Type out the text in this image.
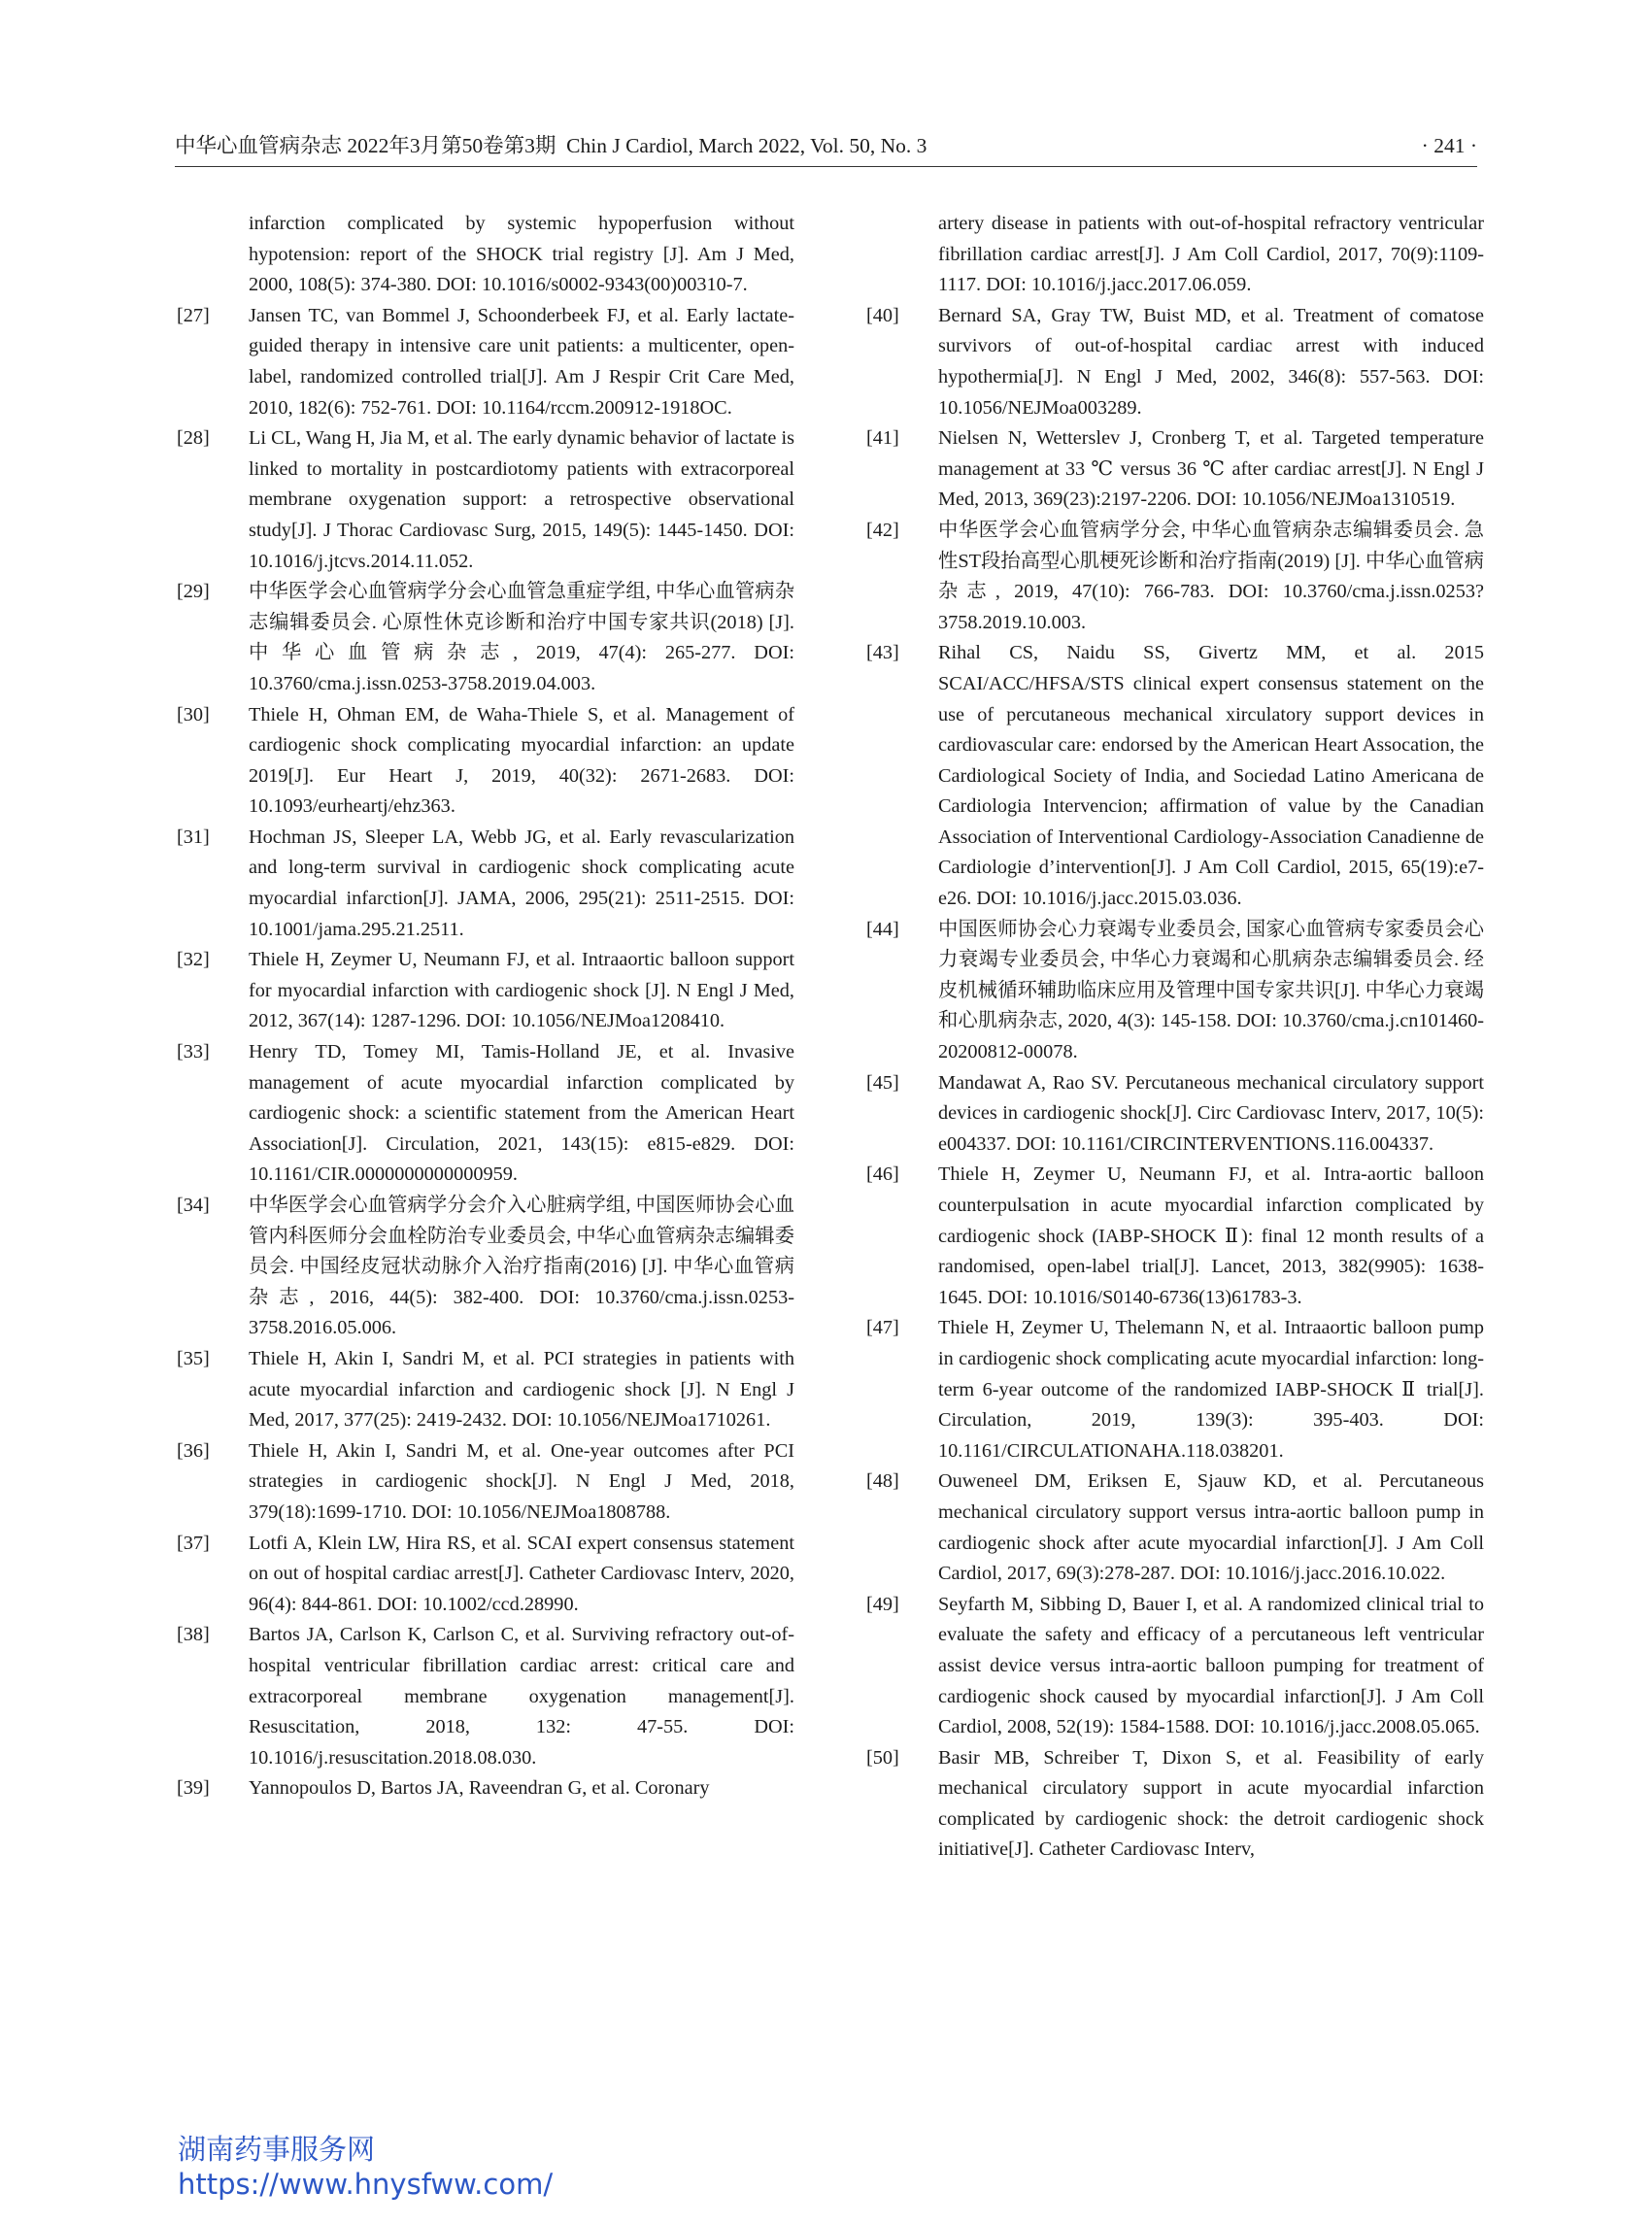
中华心血管病杂志 2022年3月第50卷第3期 Chin J Cardiol, March 2022, Vol. 50, No. 3	· 241 ·
infarction complicated by systemic hypoperfusion without hypotension: report of the SHOCK trial registry [J]. Am J Med, 2000, 108(5): 374-380. DOI: 10.1016/s0002-9343(00)00310-7.
[27]	Jansen TC, van Bommel J, Schoonderbeek FJ, et al. Early lactate-guided therapy in intensive care unit patients: a multicenter, open-label, randomized controlled trial[J]. Am J Respir Crit Care Med, 2010, 182(6): 752-761. DOI: 10.1164/rccm.200912-1918OC.
[28]	Li CL, Wang H, Jia M, et al. The early dynamic behavior of lactate is linked to mortality in postcardiotomy patients with extracorporeal membrane oxygenation support: a retrospective observational study[J]. J Thorac Cardiovasc Surg, 2015, 149(5): 1445-1450. DOI: 10.1016/j.jtcvs.2014.11.052.
[29]	中华医学会心血管病学分会心血管急重症学组, 中华心血管病杂志编辑委员会. 心原性休克诊断和治疗中国专家共识(2018) [J]. 中华心血管病杂志, 2019, 47(4): 265-277. DOI: 10.3760/cma.j.issn.0253-3758.2019.04.003.
[30]	Thiele H, Ohman EM, de Waha-Thiele S, et al. Management of cardiogenic shock complicating myocardial infarction: an update 2019[J]. Eur Heart J, 2019, 40(32): 2671-2683. DOI: 10.1093/eurheartj/ehz363.
[31]	Hochman JS, Sleeper LA, Webb JG, et al. Early revascularization and long-term survival in cardiogenic shock complicating acute myocardial infarction[J]. JAMA, 2006, 295(21): 2511-2515. DOI: 10.1001/jama.295.21.2511.
[32]	Thiele H, Zeymer U, Neumann FJ, et al. Intraaortic balloon support for myocardial infarction with cardiogenic shock [J]. N Engl J Med, 2012, 367(14): 1287-1296. DOI: 10.1056/NEJMoa1208410.
[33]	Henry TD, Tomey MI, Tamis-Holland JE, et al. Invasive management of acute myocardial infarction complicated by cardiogenic shock: a scientific statement from the American Heart Association[J]. Circulation, 2021, 143(15): e815-e829. DOI: 10.1161/CIR.0000000000000959.
[34]	中华医学会心血管病学分会介入心脏病学组, 中国医师协会心血管内科医师分会血栓防治专业委员会, 中华心血管病杂志编辑委员会. 中国经皮冠状动脉介入治疗指南(2016) [J]. 中华心血管病杂志, 2016, 44(5): 382-400. DOI: 10.3760/cma.j.issn.0253-3758.2016.05.006.
[35]	Thiele H, Akin I, Sandri M, et al. PCI strategies in patients with acute myocardial infarction and cardiogenic shock [J]. N Engl J Med, 2017, 377(25): 2419-2432. DOI: 10.1056/NEJMoa1710261.
[36]	Thiele H, Akin I, Sandri M, et al. One-year outcomes after PCI strategies in cardiogenic shock[J]. N Engl J Med, 2018, 379(18):1699-1710. DOI: 10.1056/NEJMoa1808788.
[37]	Lotfi A, Klein LW, Hira RS, et al. SCAI expert consensus statement on out of hospital cardiac arrest[J]. Catheter Cardiovasc Interv, 2020, 96(4): 844-861. DOI: 10.1002/ccd.28990.
[38]	Bartos JA, Carlson K, Carlson C, et al. Surviving refractory out-of-hospital ventricular fibrillation cardiac arrest: critical care and extracorporeal membrane oxygenation management[J]. Resuscitation, 2018, 132: 47-55. DOI: 10.1016/j.resuscitation.2018.08.030.
[39]	Yannopoulos D, Bartos JA, Raveendran G, et al. Coronary
artery disease in patients with out-of-hospital refractory ventricular fibrillation cardiac arrest[J]. J Am Coll Cardiol, 2017, 70(9):1109-1117. DOI: 10.1016/j.jacc.2017.06.059.
[40]	Bernard SA, Gray TW, Buist MD, et al. Treatment of comatose survivors of out-of-hospital cardiac arrest with induced hypothermia[J]. N Engl J Med, 2002, 346(8): 557-563. DOI: 10.1056/NEJMoa003289.
[41]	Nielsen N, Wetterslev J, Cronberg T, et al. Targeted temperature management at 33 ℃ versus 36 ℃ after cardiac arrest[J]. N Engl J Med, 2013, 369(23):2197-2206. DOI: 10.1056/NEJMoa1310519.
[42]	中华医学会心血管病学分会, 中华心血管病杂志编辑委员会. 急性ST段抬高型心肌梗死诊断和治疗指南(2019) [J]. 中华心血管病杂志, 2019, 47(10): 766-783. DOI: 10.3760/cma.j.issn.0253?3758.2019.10.003.
[43]	Rihal CS, Naidu SS, Givertz MM, et al. 2015 SCAI/ACC/HFSA/STS clinical expert consensus statement on the use of percutaneous mechanical xirculatory support devices in cardiovascular care: endorsed by the American Heart Assocation, the Cardiological Society of India, and Sociedad Latino Americana de Cardiologia Intervencion; affirmation of value by the Canadian Association of Interventional Cardiology-Association Canadienne de Cardiologie d’intervention[J]. J Am Coll Cardiol, 2015, 65(19):e7-e26. DOI: 10.1016/j.jacc.2015.03.036.
[44]	中国医师协会心力衰竭专业委员会, 国家心血管病专家委员会心力衰竭专业委员会, 中华心力衰竭和心肌病杂志编辑委员会. 经皮机械循环辅助临床应用及管理中国专家共识[J]. 中华心力衰竭和心肌病杂志, 2020, 4(3): 145-158. DOI: 10.3760/cma.j.cn101460-20200812-00078.
[45]	Mandawat A, Rao SV. Percutaneous mechanical circulatory support devices in cardiogenic shock[J]. Circ Cardiovasc Interv, 2017, 10(5): e004337. DOI: 10.1161/CIRCINTERVENTIONS.116.004337.
[46]	Thiele H, Zeymer U, Neumann FJ, et al. Intra-aortic balloon counterpulsation in acute myocardial infarction complicated by cardiogenic shock (IABP-SHOCK Ⅱ): final 12 month results of a randomised, open-label trial[J]. Lancet, 2013, 382(9905): 1638-1645. DOI: 10.1016/S0140-6736(13)61783-3.
[47]	Thiele H, Zeymer U, Thelemann N, et al. Intraaortic balloon pump in cardiogenic shock complicating acute myocardial infarction: long-term 6-year outcome of the randomized IABP-SHOCK Ⅱ trial[J]. Circulation, 2019, 139(3): 395-403. DOI: 10.1161/CIRCULATIONAHA.118.038201.
[48]	Ouweneel DM, Eriksen E, Sjauw KD, et al. Percutaneous mechanical circulatory support versus intra-aortic balloon pump in cardiogenic shock after acute myocardial infarction[J]. J Am Coll Cardiol, 2017, 69(3):278-287. DOI: 10.1016/j.jacc.2016.10.022.
[49]	Seyfarth M, Sibbing D, Bauer I, et al. A randomized clinical trial to evaluate the safety and efficacy of a percutaneous left ventricular assist device versus intra-aortic balloon pumping for treatment of cardiogenic shock caused by myocardial infarction[J]. J Am Coll Cardiol, 2008, 52(19): 1584-1588. DOI: 10.1016/j.jacc.2008.05.065.
[50]	Basir MB, Schreiber T, Dixon S, et al. Feasibility of early mechanical circulatory support in acute myocardial infarction complicated by cardiogenic shock: the detroit cardiogenic shock initiative[J]. Catheter Cardiovasc Interv,
湖南药事服务网
https://www.hnysfww.com/
